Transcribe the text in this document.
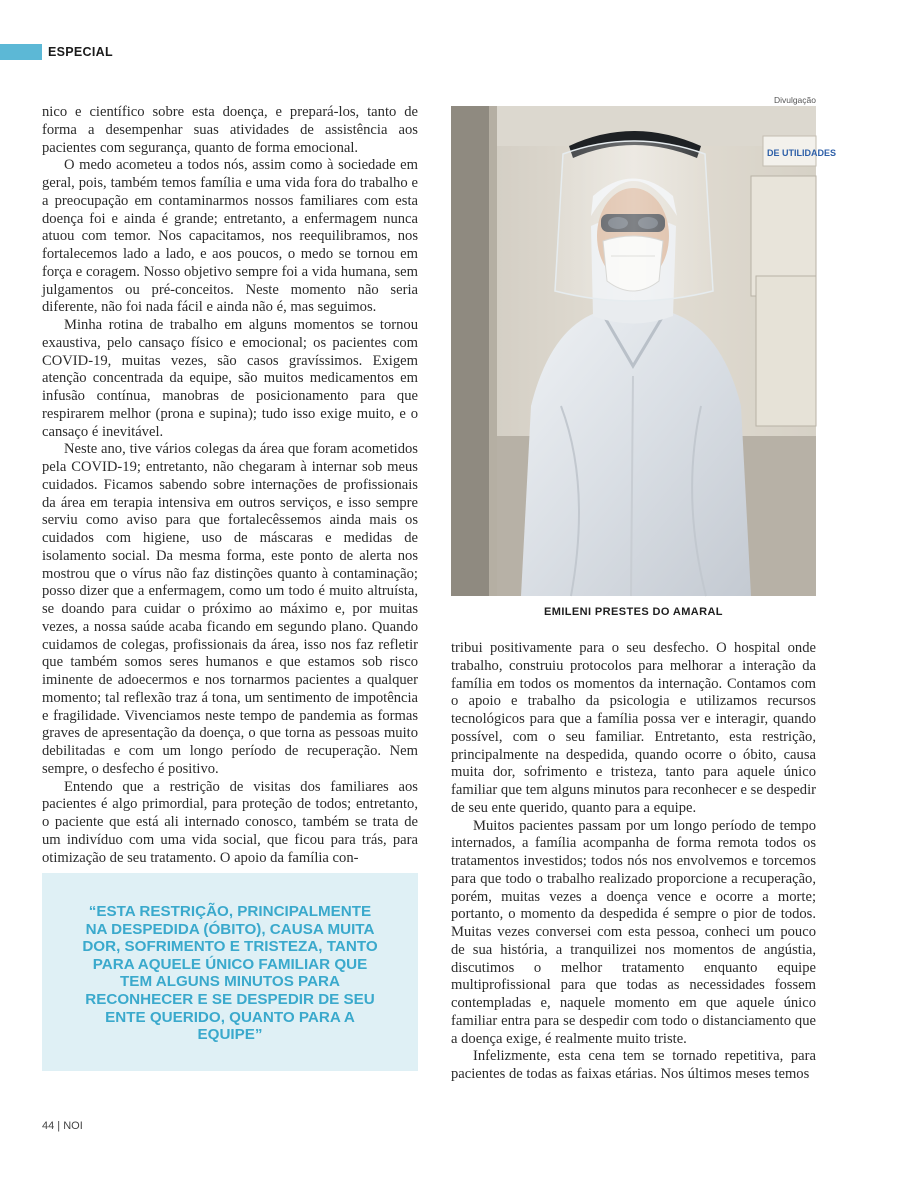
ESPECIAL

nico e científico sobre esta doença, e prepará-los, tanto de forma a desempenhar suas atividades de assistência aos pacientes com segurança, quanto de forma emocional.

O medo acometeu a todos nós, assim como à sociedade em geral, pois, também temos família e uma vida fora do trabalho e a preocupação em contaminarmos nossos familiares com esta doença foi e ainda é grande; entretanto, a enfermagem nunca atuou com temor. Nos capacitamos, nos reequilibramos, nos fortalecemos lado a lado, e aos poucos, o medo se tornou em força e coragem. Nosso objetivo sempre foi a vida humana, sem julgamentos ou pré-conceitos. Neste momento não seria diferente, não foi nada fácil e ainda não é, mas seguimos.

Minha rotina de trabalho em alguns momentos se tornou exaustiva, pelo cansaço físico e emocional; os pacientes com COVID-19, muitas vezes, são casos gravíssimos. Exigem atenção concentrada da equipe, são muitos medicamentos em infusão contínua, manobras de posicionamento para que respirarem melhor (prona e supina); tudo isso exige muito, e o cansaço é inevitável.

Neste ano, tive vários colegas da área que foram acometidos pela COVID-19; entretanto, não chegaram à internar sob meus cuidados. Ficamos sabendo sobre internações de profissionais da área em terapia intensiva em outros serviços, e isso sempre serviu como aviso para que fortalecêssemos ainda mais os cuidados com higiene, uso de máscaras e medidas de isolamento social. Da mesma forma, este ponto de alerta nos mostrou que o vírus não faz distinções quanto à contaminação; posso dizer que a enfermagem, como um todo é muito altruísta, se doando para cuidar o próximo ao máximo e, por muitas vezes, a nossa saúde acaba ficando em segundo plano. Quando cuidamos de colegas, profissionais da área, isso nos faz refletir que também somos seres humanos e que estamos sob risco iminente de adoecermos e nos tornarmos pacientes a qualquer momento; tal reflexão traz á tona, um sentimento de impotência e fragilidade. Vivenciamos neste tempo de pandemia as formas graves de apresentação da doença, o que torna as pessoas muito debilitadas e com um longo período de recuperação. Nem sempre, o desfecho é positivo.

Entendo que a restrição de visitas dos familiares aos pacientes é algo primordial, para proteção de todos; entretanto, o paciente que está ali internado conosco, também se trata de um indivíduo com uma vida social, que ficou para trás, para otimização de seu tratamento. O apoio da família con-

Divulgação
DE UTILIDADES
EMILENI PRESTES DO AMARAL

tribui positivamente para o seu desfecho. O hospital onde trabalho, construiu protocolos para melhorar a interação da família em todos os momentos da internação. Contamos com o apoio e trabalho da psicologia e utilizamos recursos tecnológicos para que a família possa ver e interagir, quando possível, com o seu familiar. Entretanto, esta restrição, principalmente na despedida, quando ocorre o óbito, causa muita dor, sofrimento e tristeza, tanto para aquele único familiar que tem alguns minutos para reconhecer e se despedir de seu ente querido, quanto para a equipe.

Muitos pacientes passam por um longo período de tempo internados, a família acompanha de forma remota todos os tratamentos investidos; todos nós nos envolvemos e torcemos para que todo o trabalho realizado proporcione a recuperação, porém, muitas vezes a doença vence e ocorre a morte; portanto, o momento da despedida é sempre o pior de todos. Muitas vezes conversei com esta pessoa, conheci um pouco de sua história, a tranquilizei nos momentos de angústia, discutimos o melhor tratamento enquanto equipe multiprofissional para que todas as necessidades fossem contempladas e, naquele momento em que aquele único familiar entra para se despedir com todo o distanciamento que a doença exige, é realmente muito triste.

Infelizmente, esta cena tem se tornado repetitiva, para pacientes de todas as faixas etárias. Nos últimos meses temos

“ESTA RESTRIÇÃO, PRINCIPALMENTE NA DESPEDIDA (ÓBITO), CAUSA MUITA DOR, SOFRIMENTO E TRISTEZA, TANTO PARA AQUELE ÚNICO FAMILIAR QUE TEM ALGUNS MINUTOS PARA RECONHECER E SE DESPEDIR DE SEU ENTE QUERIDO, QUANTO PARA A EQUIPE”

44 | NOI
